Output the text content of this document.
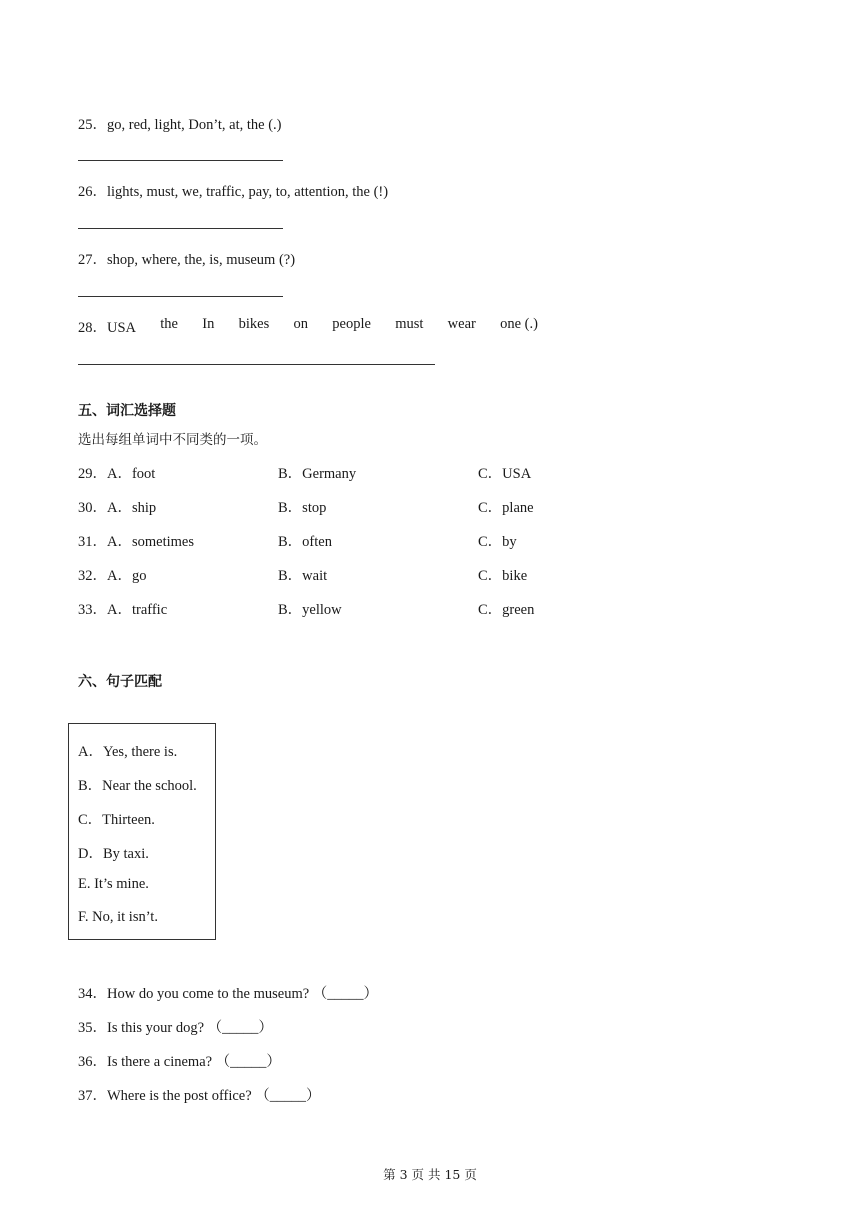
25．go, red, light, Don’t, at, the (.)
26．lights, must, we, traffic, pay, to, attention, the (!)
27．shop, where, the, is, museum (?)
28．USA the In bikes on people must wear one (.)
五、词汇选择题
选出每组单词中不同类的一项。
29．A．foot	B．Germany	C．USA
30．A．ship	B．stop	C．plane
31．A．sometimes	B．often	C．by
32．A．go	B．wait	C．bike
33．A．traffic	B．yellow	C．green
六、句子匹配
A．Yes, there is.
B．Near the school.
C．Thirteen.
D．By taxi.
E. It’s mine.
F. No, it isn’t.
34．How do you come to the museum? （_____）
35．Is this your dog? （_____）
36．Is there a cinema? （_____）
37．Where is the post office? （_____）
第 3 页 共 15 页
